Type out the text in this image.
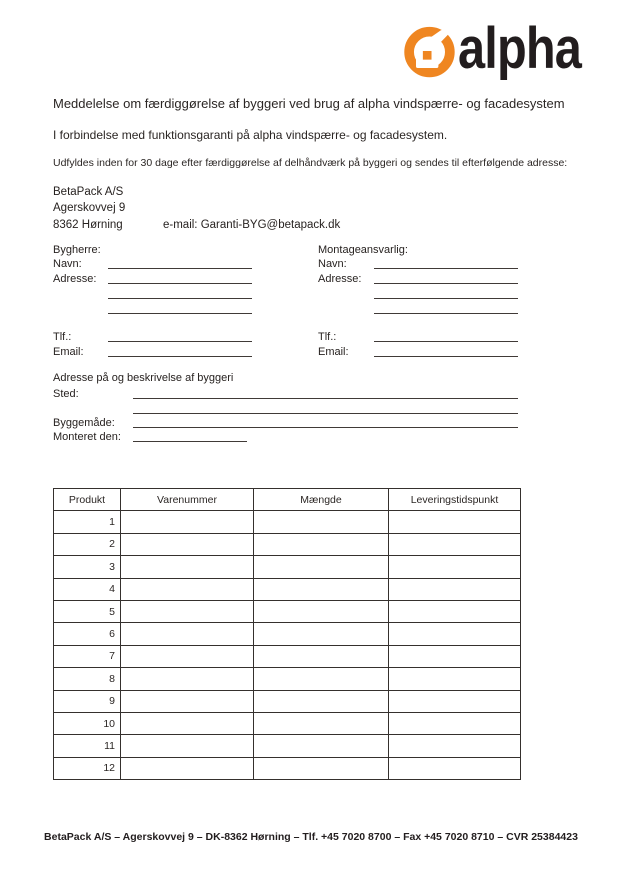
alpha
Meddelelse om færdiggørelse af byggeri ved brug af alpha vindspærre- og facadesystem
I forbindelse med funktionsgaranti på alpha vindspærre- og facadesystem.
Udfyldes inden for 30 dage efter færdiggørelse af delhåndværk på byggeri og sendes til efterfølgende adresse:
BetaPack A/S
Agerskovvej 9
8362 Hørning	e-mail: Garanti-BYG@betapack.dk
Bygherre:
Navn:
Adresse:
Tlf.:
Email:
Montageansvarlig:
Navn:
Adresse:
Tlf.:
Email:
Adresse på og beskrivelse af byggeri
Sted:
Byggemåde:
Monteret den:
Produkt	Varenummer	Mængde	Leveringstidspunkt
1			
2			
3			
4			
5			
6			
7			
8			
9			
10			
11			
12			
BetaPack A/S – Agerskovvej 9 – DK-8362 Hørning – Tlf. +45 7020 8700 – Fax +45 7020 8710 – CVR 25384423
